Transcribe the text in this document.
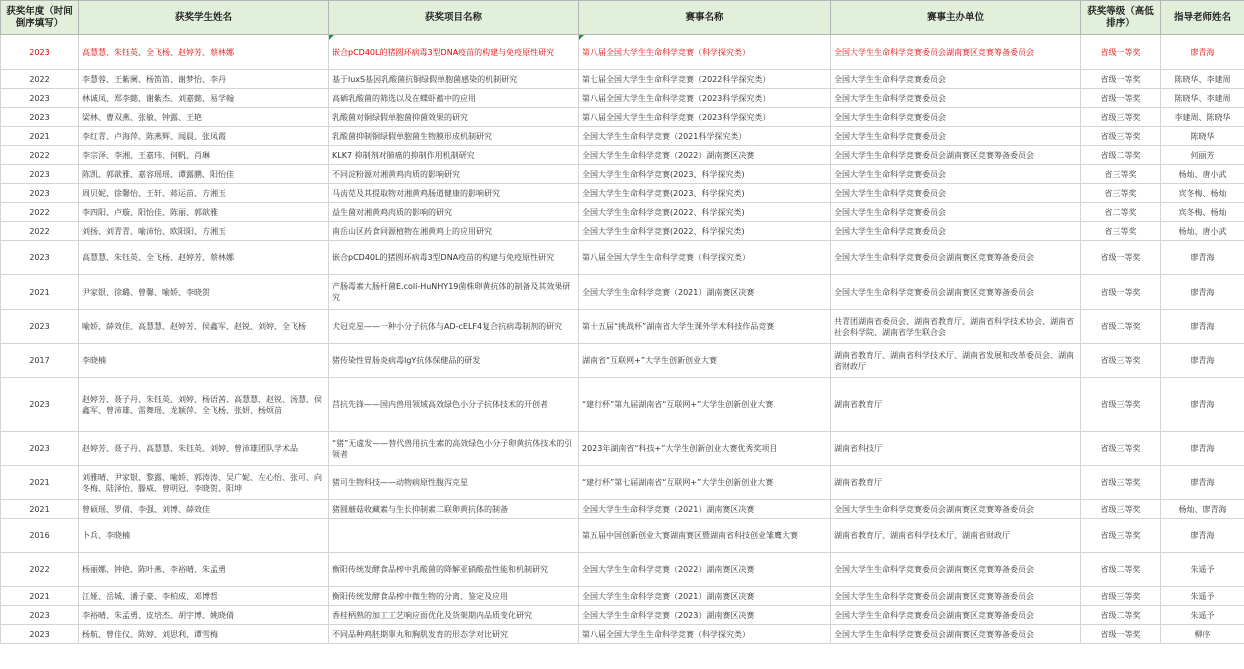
获奖年度（时间倒序填写）	获奖学生姓名	获奖项目名称	赛事名称	赛事主办单位	获奖等级（高低排序）	指导老师姓名
2023	高慧慧、朱钰英、全飞杨、赵婷芳、蔡林娜	嵌合pCD40L的猪圆环病毒3型DNA疫苗的构建与免疫原性研究	第八届全国大学生生命科学竞赛（科学探究类）	全国大学生生命科学竞赛委员会湖南赛区竞赛筹备委员会	省级一等奖	廖青海
2022	李慧蓉、王紫阑、杨笛笛、谢梦怡、李丹	基于luxS基因乳酸菌抗铜绿假单胞菌感染的机制研究	第七届全国大学生生命科学竞赛（2022科学探究类）	全国大学生生命科学竞赛委员会	省级一等奖	陈晓华、李建周
2023	林诚凤、郑李懿、谢紫杰、刘嘉懿、易学翰	高硒乳酸菌的筛选以及在蝶虾蓄中的应用	第八届全国大学生生命科学竞赛（2023科学探究类）	全国大学生生命科学竞赛委员会	省级一等奖	陈晓华、李建周
2023	梁林、曹双燕、张敏、钟露、王艳	乳酸菌对铜绿假单胞菌抑菌效果的研究	第八届全国大学生生命科学竞赛（2023科学探究类）	全国大学生生命科学竞赛委员会	省级三等奖	李建周、陈晓华
2021	李红青、卢海萍、陈燕辉、闻晨、张凤霞	乳酸菌抑制铜绿假单胞菌生物膜形成机制研究	全国大学生生命科学竞赛（2021科学探究类）	全国大学生生命科学竞赛委员会	省级三等奖	陈晓华
2022	李宗泽、李湘、王嘉玮、何帆、肖琳	KLK7 抑制剂对肺癌的抑制作用机制研究	全国大学生生命科学竞赛（2022）湖南赛区决赛	全国大学生生命科学竞赛委员会湖南赛区竞赛筹备委员会	省级二等奖	何丽芳
2023	陈凯、郭歆雅、嘉容瑶瑶、谭露鹏、阳怡佳	不同淀粉源对湘黄鸡肉质的影响研究	全国大学生生命科学竞赛(2023、科学探究类)	全国大学生生命科学竞赛委员会	省三等奖	杨灿、唐小武
2023	周贝妮、徐馨怡、王轩、蒋运苗、方湘玉	马齿苋及其提取物对湘黄鸡肠道健康的影响研究	全国大学生生命科学竞赛(2023、科学探究类)	全国大学生生命科学竞赛委员会	省三等奖	宾冬梅、杨灿
2022	李四阳、卢璇、阳怡佳、陈丽、郭歆雅	益生菌对湘黄鸡肉质的影响的研究	全国大学生生命科学竞赛(2022、科学探究类)	全国大学生生命科学竞赛委员会	省二等奖	宾冬梅、杨灿
2022	刘扬、刘青青、喻沛怡、欧阳阳、方湘玉	南岳山区药食同源植物在湘黄鸡上的应用研究	全国大学生生命科学竞赛(2022、科学探究类)	全国大学生生命科学竞赛委员会	省三等奖	杨灿、唐小武
2023	高慧慧、朱钰英、全飞杨、赵婷芳、蔡林娜	嵌合pCD40L的猪圆环病毒3型DNA疫苗的构建与免疫原性研究	第八届全国大学生生命科学竞赛（科学探究类）	全国大学生生命科学竞赛委员会湖南赛区竞赛筹备委员会	省级一等奖	廖青海
2021	尹家银、徐璐、曾馨、喻娇、李晓贺	产肠毒素大肠杆菌E.coli-HuNHY19菌株卵黄抗体的制备及其效果研究	全国大学生生命科学竞赛（2021）湖南赛区决赛	全国大学生生命科学竞赛委员会湖南赛区竞赛筹备委员会	省级一等奖	廖青海
2023	喻娇、薛效佳、高慧慧、赵婷芳、侯鑫军、赵锐、刘婷、全飞杨	犬冠克星——一种小分子抗体与AD-cELF4复合抗病毒制剂的研究	第十五届“挑战杯”湖南省大学生课外学术科技作品竞赛	共青团湖南省委员会、湖南省教育厅、湖南省科学技术协会、湖南省社会科学院、湖南省学生联合会	省级二等奖	廖青海
2017	李晓楠	猪传染性胃肠炎病毒IgY抗体保健品的研发	湖南省“互联网+”大学生创新创业大赛	湖南省教育厅、湖南省科学技术厅、湖南省发展和改革委员会、湖南省财政厅	省级三等奖	廖青海
2023	赵婷芳、聂子丹、朱钰英、刘婷、杨语茜、高慧慧、赵锐、汤慧、侯鑫军、曾沛雄、雷舞瑶、龙颖萍、全飞杨、张妍、杨烦苗	莒抗先锋——国内兽用领域高效绿色小分子抗体技术的开创者	“建行杯”第九届湖南省“互联网+”大学生创新创业大赛	湖南省教育厅	省级三等奖	廖青海
2023	赵婷芳、聂子丹、高慧慧、朱钰英、刘婷、曾沛雄团队学术品	“猪”无虚发——替代兽用抗生素的高效绿色小分子卵黄抗体技术的引领者	2023年湖南省“科技+”大学生创新创业大赛优秀奖项目	湖南省科技厅	省级三等奖	廖青海
2021	刘雅晴、尹家银、黎露、喻娇、郭涛涛、吴广妮、左心怡、张可、向冬梅、陆泽怡、滕威、曾明冠、李晓贺、阳坤	猪可生物科技——动物病原性腹泻克星	“建行杯”第七届湖南省“互联网+”大学生创新创业大赛	湖南省教育厅	省级三等奖	廖青海
2021	曾硕瑶、罗倩、李强、刘博、薛效佳	猪圆蘑菇收藏素与生长抑制素二联卵黄抗体的制备	全国大学生生命科学竞赛（2021）湖南赛区决赛	全国大学生生命科学竞赛委员会湖南赛区竞赛筹备委员会	省级三等奖	杨灿、廖青海
2016	卜兵、李晓楠		第五届中国创新创业大赛湖南赛区暨湖南省科技创业雏鹰大赛	湖南省教育厅、湖南省科学技术厅、湖南省财政厅	省级三等奖	廖青海
2022	杨丽娜、钟艳、陈叶燕、李裕晴、朱孟勇	衡阳传统发酵食品榨中乳酸菌的降解亚硝酸盐性能和机制研究	全国大学生生命科学竞赛（2022）湖南赛区决赛	全国大学生生命科学竞赛委员会湖南赛区竞赛筹备委员会	省级二等奖	朱遥予
2021	江娅、岳城、潘子豪、李柏成、邓博哲	衡阳传统发酵食品榨中微生物的分离、鉴定及应用	全国大学生生命科学竞赛（2021）湖南赛区决赛	全国大学生生命科学竞赛委员会湖南赛区竞赛筹备委员会	省级三等奖	朱遥予
2023	李裕晴、朱孟勇、皮培杰、胡宇博、姚晓倩	香桂柄熟的加工工艺响应面优化及货架期内品质变化研究	全国大学生生命科学竞赛（2023）湖南赛区决赛	全国大学生生命科学竞赛委员会湖南赛区竞赛筹备委员会	省级二等奖	朱遥予
2023	杨航、曾佳仪、陈婷、刘思利、谭雪梅	不同品种鸡胚期睾丸和胸肌发育的形态学对比研究	第八届全国大学生生命科学竞赛（科学探究类）	全国大学生生命科学竞赛委员会湖南赛区竞赛筹备委员会	省级一等奖	柳序
